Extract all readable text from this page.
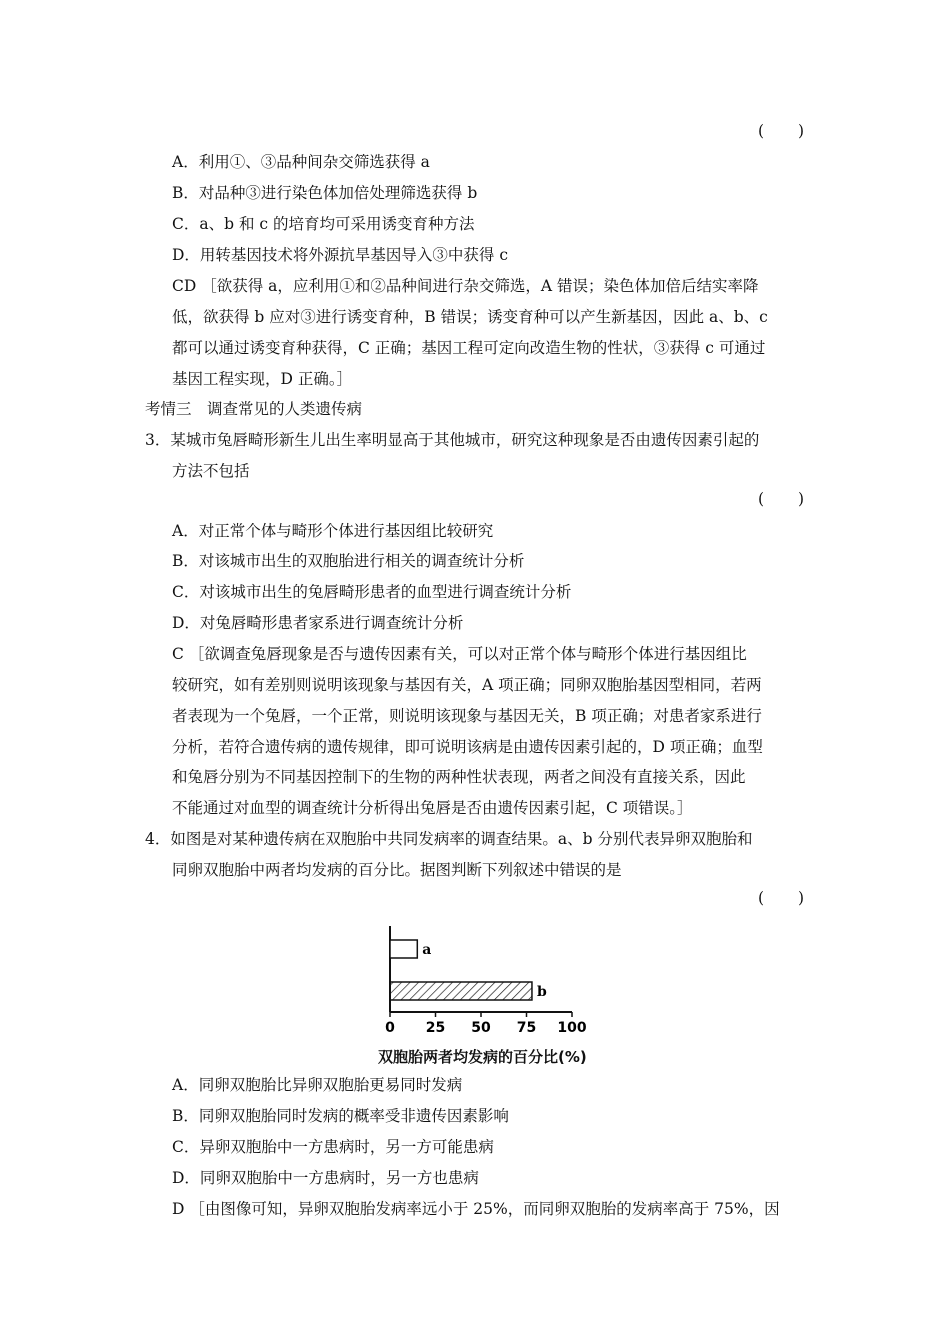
( )
A．利用①、③品种间杂交筛选获得 a
B．对品种③进行染色体加倍处理筛选获得 b
C．a、b 和 c 的培育均可采用诱变育种方法
D．用转基因技术将外源抗旱基因导入③中获得 c
CD ［欲获得 a，应利用①和②品种间进行杂交筛选，A 错误；染色体加倍后结实率降
低，欲获得 b 应对③进行诱变育种，B 错误；诱变育种可以产生新基因，因此 a、b、c
都可以通过诱变育种获得，C 正确；基因工程可定向改造生物的性状，③获得 c 可通过
基因工程实现，D 正确。］
考情三　调查常见的人类遗传病
3．某城市兔唇畸形新生儿出生率明显高于其他城市，研究这种现象是否由遗传因素引起的
方法不包括
( )
A．对正常个体与畸形个体进行基因组比较研究
B．对该城市出生的双胞胎进行相关的调查统计分析
C．对该城市出生的兔唇畸形患者的血型进行调查统计分析
D．对兔唇畸形患者家系进行调查统计分析
C ［欲调查兔唇现象是否与遗传因素有关，可以对正常个体与畸形个体进行基因组比
较研究，如有差别则说明该现象与基因有关，A 项正确；同卵双胞胎基因型相同，若两
者表现为一个兔唇，一个正常，则说明该现象与基因无关，B 项正确；对患者家系进行
分析，若符合遗传病的遗传规律，即可说明该病是由遗传因素引起的，D 项正确；血型
和兔唇分别为不同基因控制下的生物的两种性状表现，两者之间没有直接关系，因此
不能通过对血型的调查统计分析得出兔唇是否由遗传因素引起，C 项错误。］
4．如图是对某种遗传病在双胞胎中共同发病率的调查结果。a、b 分别代表异卵双胞胎和
同卵双胞胎中两者均发病的百分比。据图判断下列叙述中错误的是
( )
a
b
0 25 50 75 100
双胞胎两者均发病的百分比(%)
A．同卵双胞胎比异卵双胞胎更易同时发病
B．同卵双胞胎同时发病的概率受非遗传因素影响
C．异卵双胞胎中一方患病时，另一方可能患病
D．同卵双胞胎中一方患病时，另一方也患病
D ［由图像可知，异卵双胞胎发病率远小于 25%，而同卵双胞胎的发病率高于 75%，因
